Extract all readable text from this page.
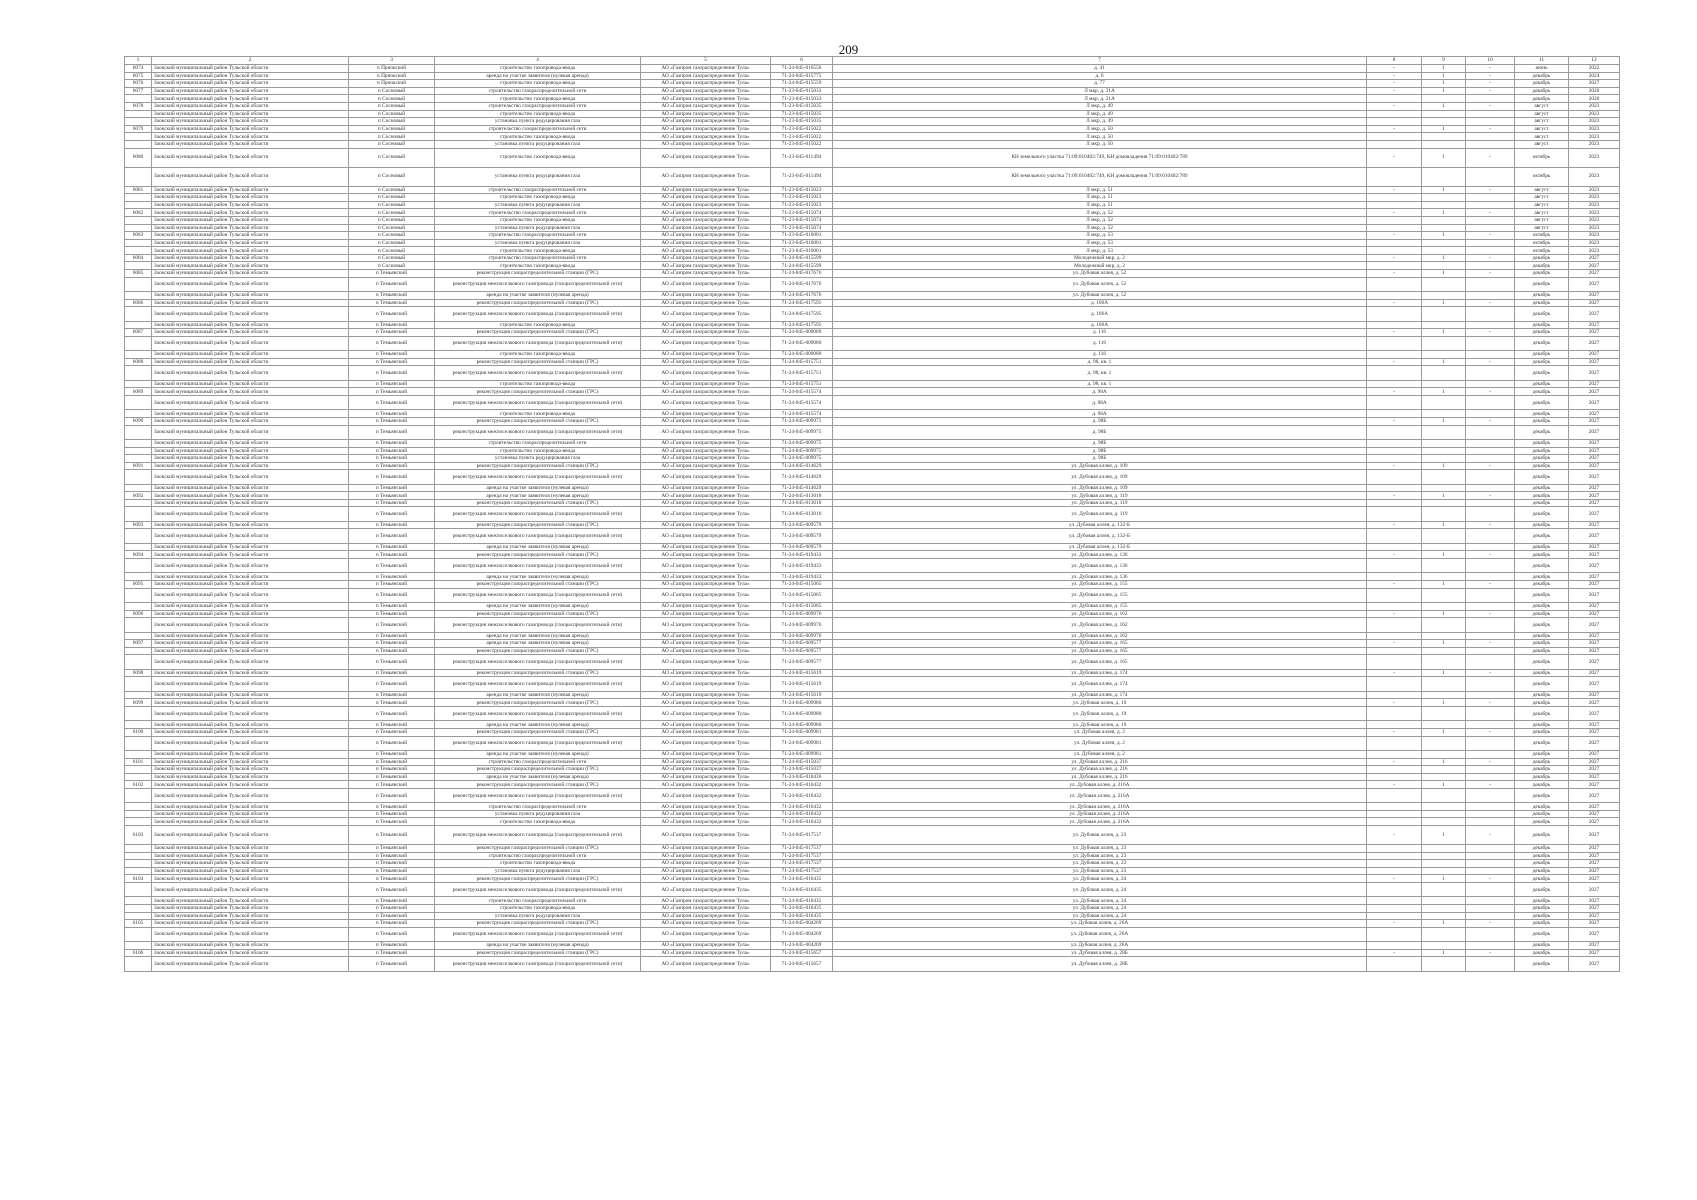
209
1	2	3	4	5	6	7	8	9	10	11	12
6074	Заокский муниципальный район Тульской области	п Приокский	строительство газопровода-ввода	АО «Газпром газораспределение Тула»	71-24-045-016556	д. 41	-	1	-	июнь	2022
6075	Заокский муниципальный район Тульской области	п Приокский	аренда на участке заявителя (нулевая аренда)	АО «Газпром газораспределение Тула»	71-24-045-015775	д. 6	-	1	-	декабрь	2024
6076	Заокский муниципальный район Тульской области	п Приокский	строительство газопровода-ввода	АО «Газпром газораспределение Тула»	71-24-045-015559	д. 77	-	1	-	декабрь	2027
6077	Заокский муниципальный район Тульской области	п Сосновый	строительство газораспределительной сети	АО «Газпром газораспределение Тула»	71-23-045-015033	Л мкр, д. 31А	-	1	-	декабрь	2026
	Заокский муниципальный район Тульской области	п Сосновый	строительство газопровода-ввода	АО «Газпром газораспределение Тула»	71-23-045-015033	Л мкр, д. 31А				декабрь	2026
6078	Заокский муниципальный район Тульской области	п Сосновый	строительство газораспределительной сети	АО «Газпром газораспределение Тула»	71-23-045-015035	Л мкр, д. 49	-	1	-	август	2023
	Заокский муниципальный район Тульской области	п Сосновый	строительство газопровода-ввода	АО «Газпром газораспределение Тула»	71-23-045-015035	Л мкр, д. 49				август	2023
	Заокский муниципальный район Тульской области	п Сосновый	установка пункта редуцирования газа	АО «Газпром газораспределение Тула»	71-23-045-015035	Л мкр, д. 49				август	2023
6079	Заокский муниципальный район Тульской области	п Сосновый	строительство газораспределительной сети	АО «Газпром газораспределение Тула»	71-23-045-015022	Л мкр, д. 50	-	1	-	август	2023
	Заокский муниципальный район Тульской области	п Сосновый	строительство газопровода-ввода	АО «Газпром газораспределение Тула»	71-23-045-015022	Л мкр, д. 50				август	2023
	Заокский муниципальный район Тульской области	п Сосновый	установка пункта редуцирования газа	АО «Газпром газораспределение Тула»	71-23-045-015022	Л мкр, д. 50				август	2023
6080	Заокский муниципальный район Тульской области	п Сосновый	строительство газопровода-ввода	АО «Газпром газораспределение Тула»	71-23-045-011494	КН земельного участка 71:09:010402:749, КН домовладения 71:09:010402:789	-	1	-	октябрь	2023
	Заокский муниципальный район Тульской области	п Сосновый	установка пункта редуцирования газа	АО «Газпром газораспределение Тула»	71-23-045-011494	КН земельного участка 71:09:010402:749, КН домовладения 71:09:010402:789				октябрь	2023
6081	Заокский муниципальный район Тульской области	п Сосновый	строительство газораспределительной сети	АО «Газпром газораспределение Тула»	71-23-045-015023	Л мкр, д. 51	-	1	-	август	2023
	Заокский муниципальный район Тульской области	п Сосновый	строительство газопровода-ввода	АО «Газпром газораспределение Тула»	71-23-045-015023	Л мкр, д. 51				август	2023
	Заокский муниципальный район Тульской области	п Сосновый	установка пункта редуцирования газа	АО «Газпром газораспределение Тула»	71-23-045-015023	Л мкр, д. 51				август	2023
6082	Заокский муниципальный район Тульской области	п Сосновый	строительство газораспределительной сети	АО «Газпром газораспределение Тула»	71-23-045-015074	Л мкр, д. 52	-	1	-	август	2023
	Заокский муниципальный район Тульской области	п Сосновый	строительство газопровода-ввода	АО «Газпром газораспределение Тула»	71-23-045-015074	Л мкр, д. 52				август	2023
	Заокский муниципальный район Тульской области	п Сосновый	установка пункта редуцирования газа	АО «Газпром газораспределение Тула»	71-23-045-015074	Л мкр, д. 52				август	2023
6083	Заокский муниципальный район Тульской области	п Сосновый	строительство газораспределительной сети	АО «Газпром газораспределение Тула»	71-23-045-016001	Л мкр, д. 53	-	1	-	октябрь	2023
	Заокский муниципальный район Тульской области	п Сосновый	установка пункта редуцирования газа	АО «Газпром газораспределение Тула»	71-23-045-016001	Л мкр, д. 53				октябрь	2023
	Заокский муниципальный район Тульской области	п Сосновый	строительство газопровода-ввода	АО «Газпром газораспределение Тула»	71-23-045-016001	Л мкр, д. 53				октябрь	2023
6084	Заокский муниципальный район Тульской области	п Сосновый	строительство газораспределительной сети	АО «Газпром газораспределение Тула»	71-24-045-015599	Молодежный мкр, д. 2	-	1	-	декабрь	2027
	Заокский муниципальный район Тульской области	п Сосновый	строительство газопровода-ввода	АО «Газпром газораспределение Тула»	71-24-045-015599	Молодежный мкр, д. 2				декабрь	2027
6085	Заокский муниципальный район Тульской области	п Темьянский	реконструкция газораспределительной станции (ГРС)	АО «Газпром газораспределение Тула»	71-24-045-017676	ул. Дубовая аллея, д. 52	-	1	-	декабрь	2027
	Заокский муниципальный район Тульской области	п Темьянский	реконструкция межпоселкового газопровода (газораспределительной сети)	АО «Газпром газораспределение Тула»	71-24-045-017676	ул. Дубовая аллея, д. 52				декабрь	2027
	Заокский муниципальный район Тульской области	п Темьянский	аренда на участке заявителя (нулевая аренда)	АО «Газпром газораспределение Тула»	71-24-045-017676	ул. Дубовая аллея, д. 52				декабрь	2027
6086	Заокский муниципальный район Тульской области	п Темьянский	реконструкция газораспределительной станции (ГРС)	АО «Газпром газораспределение Тула»	71-24-045-017595	д. 106А	-	1	-	декабрь	2027
	Заокский муниципальный район Тульской области	п Темьянский	реконструкция межпоселкового газопровода (газораспределительной сети)	АО «Газпром газораспределение Тула»	71-24-045-017595	д. 106А				декабрь	2027
	Заокский муниципальный район Тульской области	п Темьянский	строительство газопровода-ввода	АО «Газпром газораспределение Тула»	71-24-045-017595	д. 106А				декабрь	2027
6087	Заокский муниципальный район Тульской области	п Темьянский	реконструкция газораспределительной станции (ГРС)	АО «Газпром газораспределение Тула»	71-24-045-009080	д. 116	-	1	-	декабрь	2027
	Заокский муниципальный район Тульской области	п Темьянский	реконструкция межпоселкового газопровода (газораспределительной сети)	АО «Газпром газораспределение Тула»	71-24-045-009080	д. 116				декабрь	2027
	Заокский муниципальный район Тульской области	п Темьянский	строительство газопровода-ввода	АО «Газпром газораспределение Тула»	71-24-045-009080	д. 116				декабрь	2027
6088	Заокский муниципальный район Тульской области	п Темьянский	реконструкция газораспределительной станции (ГРС)	АО «Газпром газораспределение Тула»	71-24-045-015751	д. 98, кв. 1	-	1	-	декабрь	2027
	Заокский муниципальный район Тульской области	п Темьянский	реконструкция межпоселкового газопровода (газораспределительной сети)	АО «Газпром газораспределение Тула»	71-24-045-015751	д. 98, кв. 1				декабрь	2027
	Заокский муниципальный район Тульской области	п Темьянский	строительство газопровода-ввода	АО «Газпром газораспределение Тула»	71-24-045-015751	д. 98, кв. 1				декабрь	2027
6089	Заокский муниципальный район Тульской области	п Темьянский	реконструкция газораспределительной станции (ГРС)	АО «Газпром газораспределение Тула»	71-24-045-015574	д. 98А	-	1	-	декабрь	2027
	Заокский муниципальный район Тульской области	п Темьянский	реконструкция межпоселкового газопровода (газораспределительной сети)	АО «Газпром газораспределение Тула»	71-24-045-015574	д. 98А				декабрь	2027
	Заокский муниципальный район Тульской области	п Темьянский	строительство газопровода-ввода	АО «Газпром газораспределение Тула»	71-24-045-015574	д. 98А				декабрь	2027
6090	Заокский муниципальный район Тульской области	п Темьянский	реконструкция газораспределительной станции (ГРС)	АО «Газпром газораспределение Тула»	71-24-045-009975	д. 98Б	-	1	-	декабрь	2027
	Заокский муниципальный район Тульской области	п Темьянский	реконструкция межпоселкового газопровода (газораспределительной сети)	АО «Газпром газораспределение Тула»	71-24-045-009975	д. 98Б				декабрь	2027
	Заокский муниципальный район Тульской области	п Темьянский	строительство газораспределительной сети	АО «Газпром газораспределение Тула»	71-24-045-009975	д. 98Б				декабрь	2027
	Заокский муниципальный район Тульской области	п Темьянский	строительство газопровода-ввода	АО «Газпром газораспределение Тула»	71-24-045-009975	д. 98Б				декабрь	2027
	Заокский муниципальный район Тульской области	п Темьянский	установка пункта редуцирования газа	АО «Газпром газораспределение Тула»	71-24-045-009975	д. 98Б				декабрь	2027
6091	Заокский муниципальный район Тульской области	п Темьянский	реконструкция газораспределительной станции (ГРС)	АО «Газпром газораспределение Тула»	71-24-045-014629	ул. Дубовая аллея, д. 109	-	1	-	декабрь	2027
	Заокский муниципальный район Тульской области	п Темьянский	реконструкция межпоселкового газопровода (газораспределительной сети)	АО «Газпром газораспределение Тула»	71-24-045-014629	ул. Дубовая аллея, д. 109				декабрь	2027
	Заокский муниципальный район Тульской области	п Темьянский	аренда на участке заявителя (нулевая аренда)	АО «Газпром газораспределение Тула»	71-24-045-014629	ул. Дубовая аллея, д. 109				декабрь	2027
6092	Заокский муниципальный район Тульской области	п Темьянский	аренда на участке заявителя (нулевая аренда)	АО «Газпром газораспределение Тула»	71-24-045-013010	ул. Дубовая аллея, д. 119	-	1	-	декабрь	2027
	Заокский муниципальный район Тульской области	п Темьянский	реконструкция газораспределительной станции (ГРС)	АО «Газпром газораспределение Тула»	71-24-045-013010	ул. Дубовая аллея, д. 119				декабрь	2027
	Заокский муниципальный район Тульской области	п Темьянский	реконструкция межпоселкового газопровода (газораспределительной сети)	АО «Газпром газораспределение Тула»	71-24-045-013010	ул. Дубовая аллея, д. 119				декабрь	2027
6093	Заокский муниципальный район Тульской области	п Темьянский	реконструкция газораспределительной станции (ГРС)	АО «Газпром газораспределение Тула»	71-24-045-009579	ул. Дубовая аллея, д. 132-Б	-	1	-	декабрь	2027
	Заокский муниципальный район Тульской области	п Темьянский	реконструкция межпоселкового газопровода (газораспределительной сети)	АО «Газпром газораспределение Тула»	71-24-045-009579	ул. Дубовая аллея, д. 132-Б				декабрь	2027
	Заокский муниципальный район Тульской области	п Темьянский	аренда на участке заявителя (нулевая аренда)	АО «Газпром газораспределение Тула»	71-24-045-009579	ул. Дубовая аллея, д. 132-Б				декабрь	2027
6094	Заокский муниципальный район Тульской области	п Темьянский	реконструкция газораспределительной станции (ГРС)	АО «Газпром газораспределение Тула»	71-24-045-019433	ул. Дубовая аллея, д. 136	-	1	-	декабрь	2027
	Заокский муниципальный район Тульской области	п Темьянский	реконструкция межпоселкового газопровода (газораспределительной сети)	АО «Газпром газораспределение Тула»	71-24-045-019433	ул. Дубовая аллея, д. 136				декабрь	2027
	Заокский муниципальный район Тульской области	п Темьянский	аренда на участке заявителя (нулевая аренда)	АО «Газпром газораспределение Тула»	71-24-045-019433	ул. Дубовая аллея, д. 136				декабрь	2027
6095	Заокский муниципальный район Тульской области	п Темьянский	реконструкция газораспределительной станции (ГРС)	АО «Газпром газораспределение Тула»	71-24-045-015065	ул. Дубовая аллея, д. 155	-	1	-	декабрь	2027
	Заокский муниципальный район Тульской области	п Темьянский	реконструкция межпоселкового газопровода (газораспределительной сети)	АО «Газпром газораспределение Тула»	71-24-045-015065	ул. Дубовая аллея, д. 155				декабрь	2027
	Заокский муниципальный район Тульской области	п Темьянский	аренда на участке заявителя (нулевая аренда)	АО «Газпром газораспределение Тула»	71-24-045-015065	ул. Дубовая аллея, д. 155				декабрь	2027
6096	Заокский муниципальный район Тульской области	п Темьянский	реконструкция газораспределительной станции (ГРС)	АО «Газпром газораспределение Тула»	71-24-045-009976	ул. Дубовая аллея, д. 162	-	1	-	декабрь	2027
	Заокский муниципальный район Тульской области	п Темьянский	реконструкция межпоселкового газопровода (газораспределительной сети)	АО «Газпром газораспределение Тула»	71-24-045-009976	ул. Дубовая аллея, д. 162				декабрь	2027
	Заокский муниципальный район Тульской области	п Темьянский	аренда на участке заявителя (нулевая аренда)	АО «Газпром газораспределение Тула»	71-24-045-009976	ул. Дубовая аллея, д. 162				декабрь	2027
6097	Заокский муниципальный район Тульской области	п Темьянский	аренда на участке заявителя (нулевая аренда)	АО «Газпром газораспределение Тула»	71-24-045-009577	ул. Дубовая аллея, д. 165	-	1	-	декабрь	2027
	Заокский муниципальный район Тульской области	п Темьянский	реконструкция газораспределительной станции (ГРС)	АО «Газпром газораспределение Тула»	71-24-045-009577	ул. Дубовая аллея, д. 165				декабрь	2027
	Заокский муниципальный район Тульской области	п Темьянский	реконструкция межпоселкового газопровода (газораспределительной сети)	АО «Газпром газораспределение Тула»	71-24-045-009577	ул. Дубовая аллея, д. 165				декабрь	2027
6098	Заокский муниципальный район Тульской области	п Темьянский	реконструкция газораспределительной станции (ГРС)	АО «Газпром газораспределение Тула»	71-24-045-015619	ул. Дубовая аллея, д. 174	-	1	-	декабрь	2027
	Заокский муниципальный район Тульской области	п Темьянский	реконструкция межпоселкового газопровода (газораспределительной сети)	АО «Газпром газораспределение Тула»	71-24-045-015619	ул. Дубовая аллея, д. 174				декабрь	2027
	Заокский муниципальный район Тульской области	п Темьянский	аренда на участке заявителя (нулевая аренда)	АО «Газпром газораспределение Тула»	71-24-045-015619	ул. Дубовая аллея, д. 174				декабрь	2027
6099	Заокский муниципальный район Тульской области	п Темьянский	реконструкция газораспределительной станции (ГРС)	АО «Газпром газораспределение Тула»	71-24-045-009980	ул. Дубовая аллея, д. 19	-	1	-	декабрь	2027
	Заокский муниципальный район Тульской области	п Темьянский	реконструкция межпоселкового газопровода (газораспределительной сети)	АО «Газпром газораспределение Тула»	71-24-045-009980	ул. Дубовая аллея, д. 19				декабрь	2027
	Заокский муниципальный район Тульской области	п Темьянский	аренда на участке заявителя (нулевая аренда)	АО «Газпром газораспределение Тула»	71-24-045-009980	ул. Дубовая аллея, д. 19				декабрь	2027
6100	Заокский муниципальный район Тульской области	п Темьянский	реконструкция газораспределительной станции (ГРС)	АО «Газпром газораспределение Тула»	71-24-045-009981	ул. Дубовая аллея, д. 2	-	1	-	декабрь	2027
	Заокский муниципальный район Тульской области	п Темьянский	реконструкция межпоселкового газопровода (газораспределительной сети)	АО «Газпром газораспределение Тула»	71-24-045-009981	ул. Дубовая аллея, д. 2				декабрь	2027
	Заокский муниципальный район Тульской области	п Темьянский	аренда на участке заявителя (нулевая аренда)	АО «Газпром газораспределение Тула»	71-24-045-009981	ул. Дубовая аллея, д. 2				декабрь	2027
6101	Заокский муниципальный район Тульской области	п Темьянский	строительство газораспределительной сети	АО «Газпром газораспределение Тула»	71-24-045-015037	ул. Дубовая аллея, д. 216	-	1	-	декабрь	2027
	Заокский муниципальный район Тульской области	п Темьянский	реконструкция газораспределительной станции (ГРС)	АО «Газпром газораспределение Тула»	71-24-045-015037	ул. Дубовая аллея, д. 216				декабрь	2027
	Заокский муниципальный район Тульской области	п Темьянский	аренда на участке заявителя (нулевая аренда)	АО «Газпром газораспределение Тула»	71-24-045-018436	ул. Дубовая аллея, д. 216				декабрь	2027
6102	Заокский муниципальный район Тульской области	п Темьянский	реконструкция газораспределительной станции (ГРС)	АО «Газпром газораспределение Тула»	71-24-045-016432	ул. Дубовая аллея, д. 216А	-	1	-	декабрь	2027
	Заокский муниципальный район Тульской области	п Темьянский	реконструкция межпоселкового газопровода (газораспределительной сети)	АО «Газпром газораспределение Тула»	71-24-045-016432	ул. Дубовая аллея, д. 216А				декабрь	2027
	Заокский муниципальный район Тульской области	п Темьянский	строительство газораспределительной сети	АО «Газпром газораспределение Тула»	71-24-045-016432	ул. Дубовая аллея, д. 216А				декабрь	2027
	Заокский муниципальный район Тульской области	п Темьянский	установка пункта редуцирования газа	АО «Газпром газораспределение Тула»	71-24-045-016432	ул. Дубовая аллея, д. 216А				декабрь	2027
	Заокский муниципальный район Тульской области	п Темьянский	строительство газопровода-ввода	АО «Газпром газораспределение Тула»	71-24-045-016432	ул. Дубовая аллея, д. 216А				декабрь	2027
6103	Заокский муниципальный район Тульской области	п Темьянский	реконструкция межпоселкового газопровода (газораспределительной сети)	АО «Газпром газораспределение Тула»	71-24-045-017537	ул. Дубовая аллея, д. 23	-	1	-	декабрь	2027
	Заокский муниципальный район Тульской области	п Темьянский	реконструкция газораспределительной станции (ГРС)	АО «Газпром газораспределение Тула»	71-24-045-017537	ул. Дубовая аллея, д. 23				декабрь	2027
	Заокский муниципальный район Тульской области	п Темьянский	строительство газораспределительной сети	АО «Газпром газораспределение Тула»	71-24-045-017537	ул. Дубовая аллея, д. 23				декабрь	2027
	Заокский муниципальный район Тульской области	п Темьянский	строительство газопровода-ввода	АО «Газпром газораспределение Тула»	71-24-045-017537	ул. Дубовая аллея, д. 23				декабрь	2027
	Заокский муниципальный район Тульской области	п Темьянский	установка пункта редуцирования газа	АО «Газпром газораспределение Тула»	71-24-045-017537	ул. Дубовая аллея, д. 23				декабрь	2027
6104	Заокский муниципальный район Тульской области	п Темьянский	реконструкция газораспределительной станции (ГРС)	АО «Газпром газораспределение Тула»	71-24-045-016435	ул. Дубовая аллея, д. 24	-	1	-	декабрь	2027
	Заокский муниципальный район Тульской области	п Темьянский	реконструкция межпоселкового газопровода (газораспределительной сети)	АО «Газпром газораспределение Тула»	71-24-045-016435	ул. Дубовая аллея, д. 24				декабрь	2027
	Заокский муниципальный район Тульской области	п Темьянский	строительство газораспределительной сети	АО «Газпром газораспределение Тула»	71-24-045-016435	ул. Дубовая аллея, д. 24				декабрь	2027
	Заокский муниципальный район Тульской области	п Темьянский	строительство газопровода-ввода	АО «Газпром газораспределение Тула»	71-24-045-016435	ул. Дубовая аллея, д. 24				декабрь	2027
	Заокский муниципальный район Тульской области	п Темьянский	установка пункта редуцирования газа	АО «Газпром газораспределение Тула»	71-24-045-016435	ул. Дубовая аллея, д. 24				декабрь	2027
6105	Заокский муниципальный район Тульской области	п Темьянский	реконструкция газораспределительной станции (ГРС)	АО «Газпром газораспределение Тула»	71-24-045-004269	ул. Дубовая аллея, д. 26А	-	1	-	декабрь	2027
	Заокский муниципальный район Тульской области	п Темьянский	реконструкция межпоселкового газопровода (газораспределительной сети)	АО «Газпром газораспределение Тула»	71-24-045-004269	ул. Дубовая аллея, д. 26А				декабрь	2027
	Заокский муниципальный район Тульской области	п Темьянский	аренда на участке заявителя (нулевая аренда)	АО «Газпром газораспределение Тула»	71-24-045-004269	ул. Дубовая аллея, д. 26А				декабрь	2027
6106	Заокский муниципальный район Тульской области	п Темьянский	реконструкция газораспределительной станции (ГРС)	АО «Газпром газораспределение Тула»	71-24-045-015657	ул. Дубовая аллея, д. 28Б	-	1	-	декабрь	2027
	Заокский муниципальный район Тульской области	п Темьянский	реконструкция межпоселкового газопровода (газораспределительной сети)	АО «Газпром газораспределение Тула»	71-24-045-015657	ул. Дубовая аллея, д. 28Б				декабрь	2027
